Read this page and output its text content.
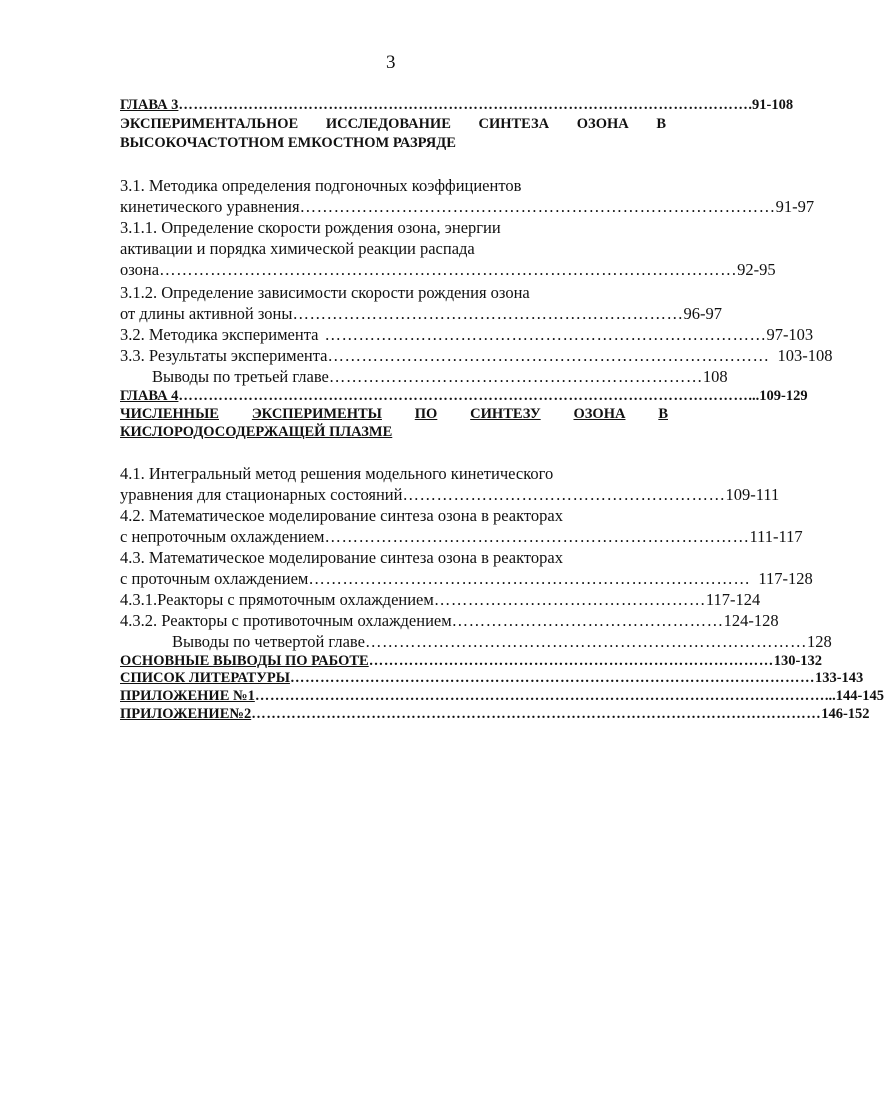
3
ГЛАВА 3 …………………………………………………………………………………………………… .91-108
ЭКСПЕРИМЕНТАЛЬНОЕ ИССЛЕДОВАНИЕ СИНТЕЗА ОЗОНА В
ВЫСОКОЧАСТОТНОМ ЕМКОСТНОМ РАЗРЯДЕ
3.1. Методика определения подгоночных коэффициентов
кинетического уравнения ………………………………………………………………………… 91-97
3.1.1. Определение скорости рождения озона, энергии
активации и порядка химической реакции распада
озона ………………………………………………………………………………………… 92-95
3.1.2. Определение зависимости скорости рождения озона
от длины активной зоны …………………………………………………………… 96-97
3.2. Методика эксперимента …………………………………………………………………… 97-103
3.3. Результаты эксперимента …………………………………………………………………… 103-108
Выводы по третьей главе ………………………………………………………… 108
ГЛАВА 4 …………………………………………………………………………………………………… ...109-129
ЧИСЛЕННЫЕ ЭКСПЕРИМЕНТЫ ПО СИНТЕЗУ ОЗОНА В
КИСЛОРОДОСОДЕРЖАЩЕЙ ПЛАЗМЕ
4.1. Интегральный метод решения модельного кинетического
уравнения для стационарных состояний ………………………………………………… 109-111
4.2. Математическое моделирование синтеза озона в реакторах
с непроточным охлаждением ………………………………………………………………… 111-117
4.3. Математическое моделирование синтеза озона в реакторах
с проточным охлаждением …………………………………………………………………… 117-128
4.3.1.Реакторы с прямоточным охлаждением ………………………………………… 117-124
4.3.2. Реакторы с противоточным охлаждением ………………………………………… 124-128
Выводы по четвертой главе …………………………………………………………………… 128
ОСНОВНЫЕ ВЫВОДЫ ПО РАБОТЕ ……………………………………………………………………… 130-132
СПИСОК ЛИТЕРАТУРЫ …………………………………………………………………………………………… 133-143
ПРИЛОЖЕНИЕ №1 …………………………………………………………………………………………………… ...144-145
ПРИЛОЖЕНИЕ№2 …………………………………………………………………………………………………… 146-152
